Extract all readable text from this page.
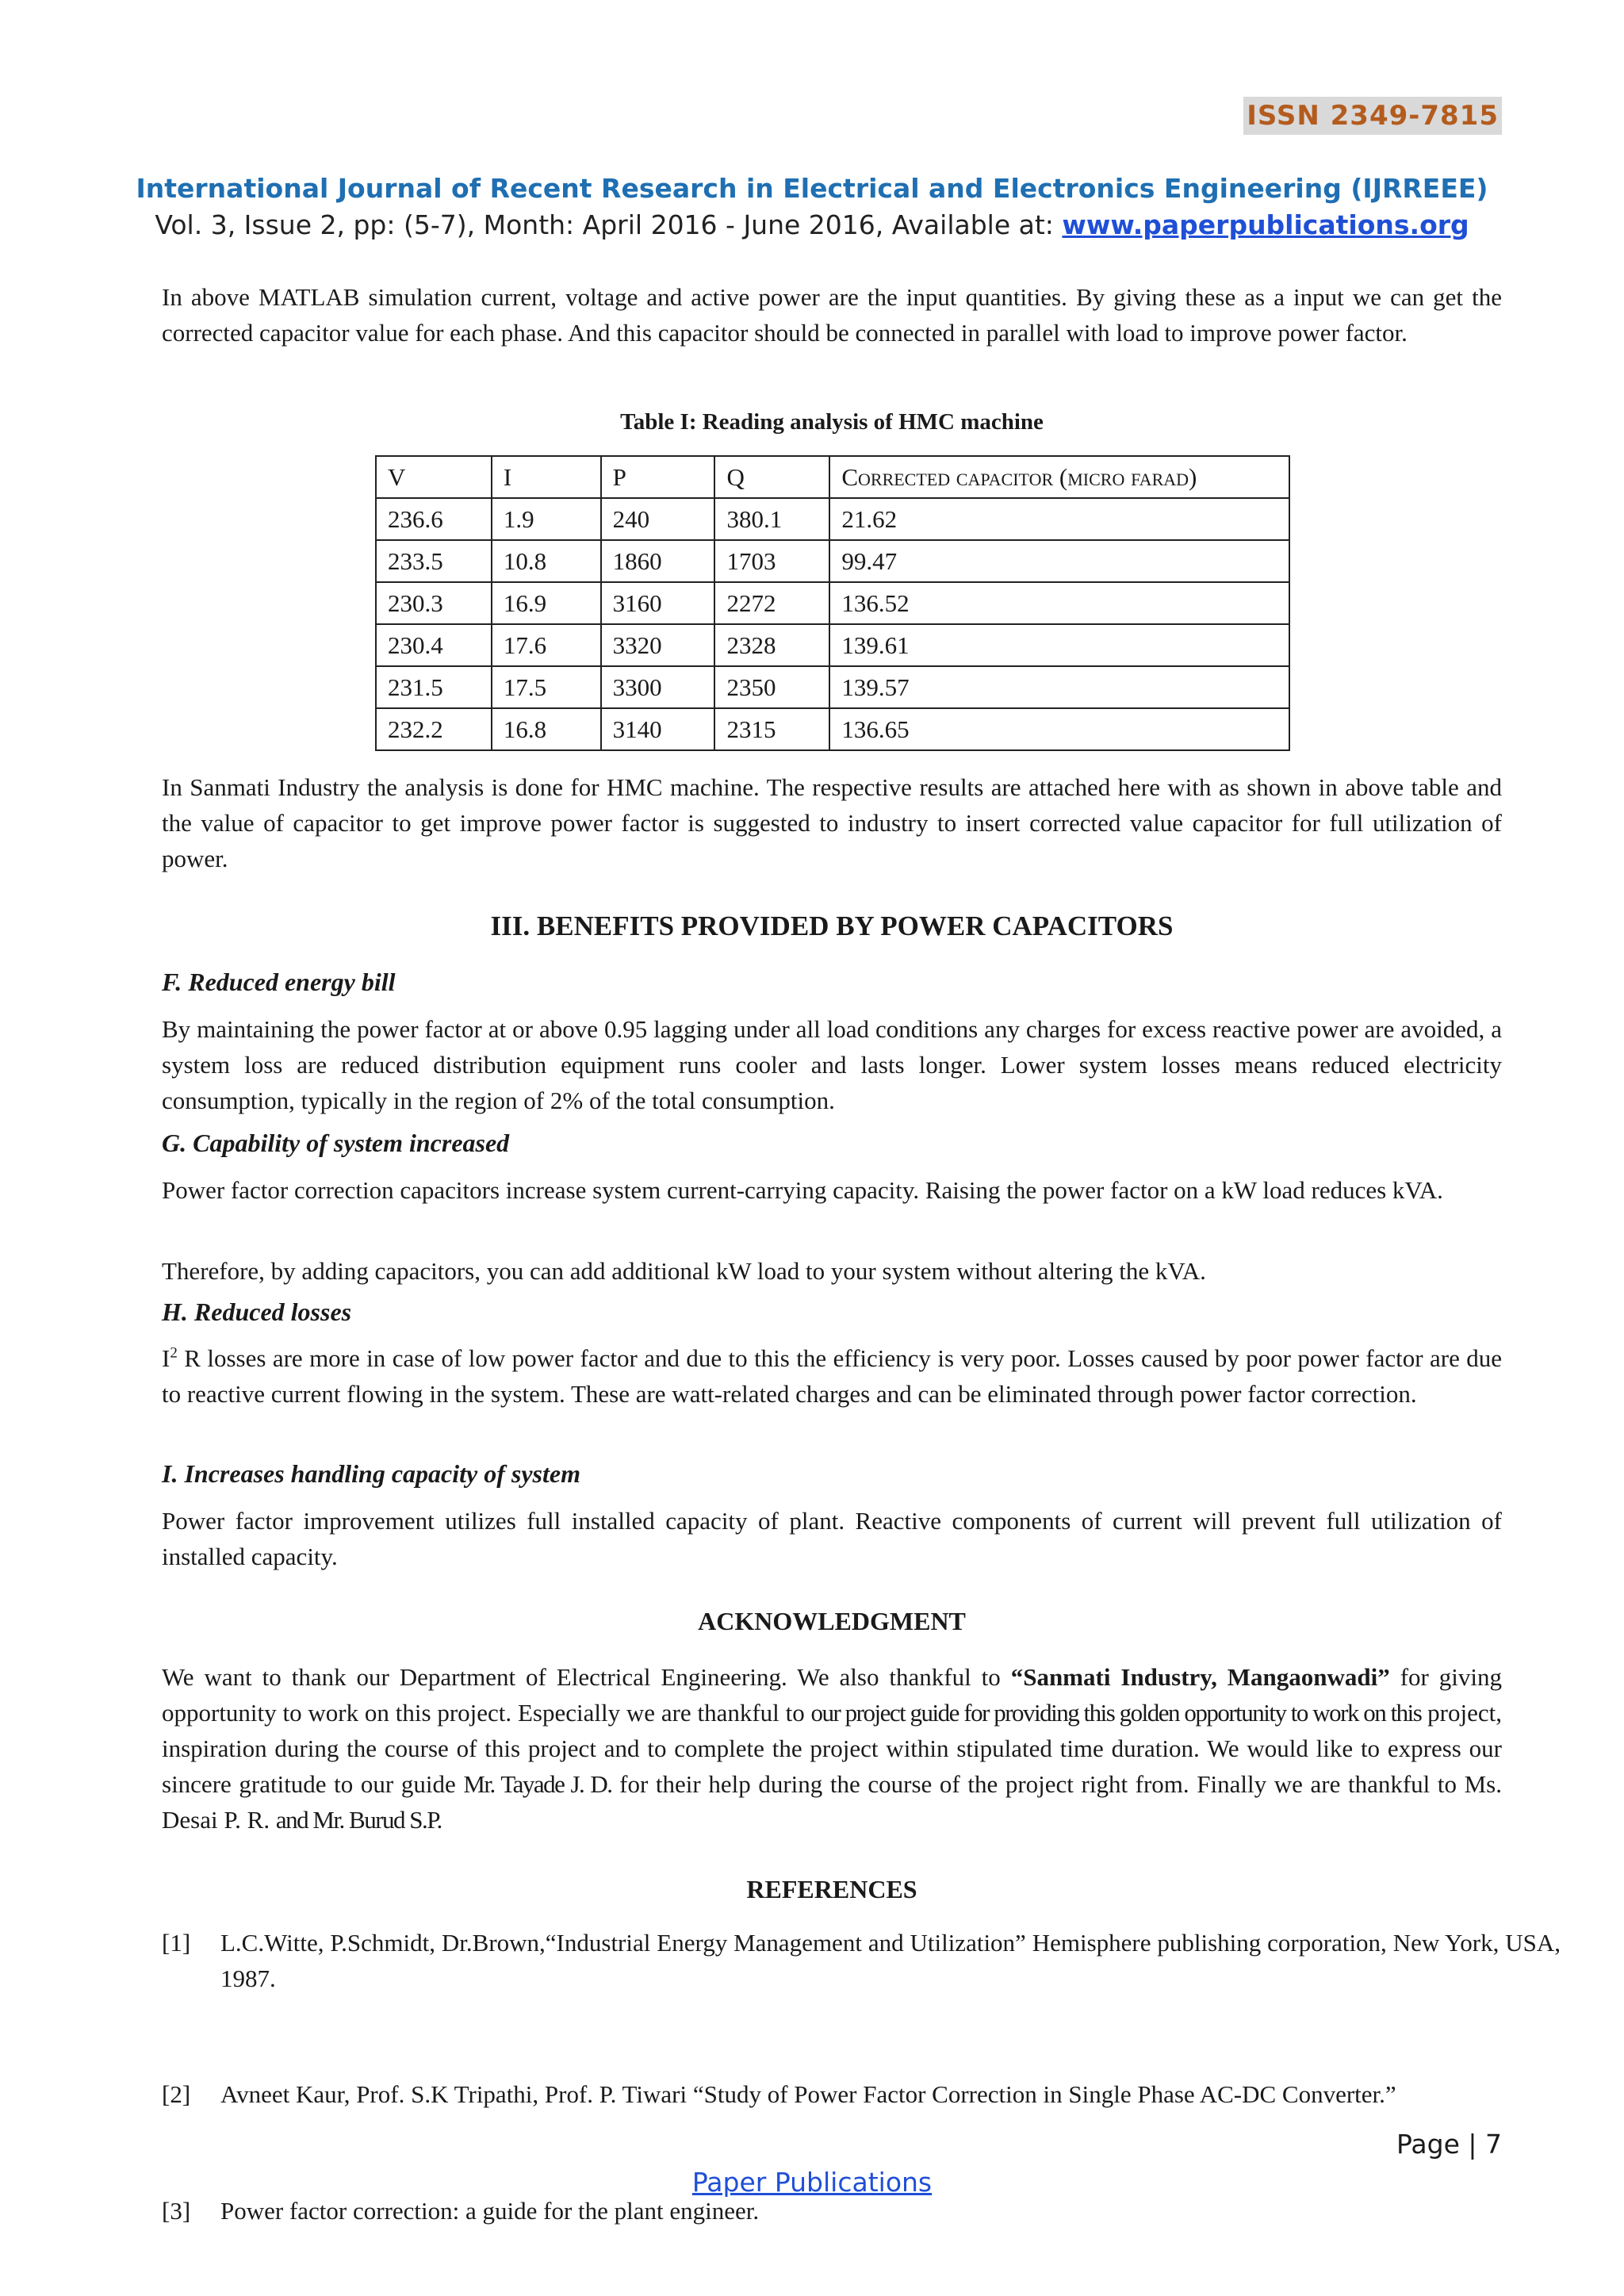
ISSN 2349-7815
International Journal of Recent Research in Electrical and Electronics Engineering (IJRREEE)
Vol. 3, Issue 2, pp: (5-7), Month: April 2016 - June 2016, Available at: www.paperpublications.org

In above MATLAB simulation current, voltage and active power are the input quantities. By giving these as a input we can get the corrected capacitor value for each phase. And this capacitor should be connected in parallel with load to improve power factor.

Table I: Reading analysis of HMC machine
V	I	P	Q	Corrected capacitor (micro farad)
236.6	1.9	240	380.1	21.62
233.5	10.8	1860	1703	99.47
230.3	16.9	3160	2272	136.52
230.4	17.6	3320	2328	139.61
231.5	17.5	3300	2350	139.57
232.2	16.8	3140	2315	136.65

In Sanmati Industry the analysis is done for HMC machine. The respective results are attached here with as shown in above table and the value of capacitor to get improve power factor is suggested to industry to insert corrected value capacitor for full utilization of power.

III. BENEFITS PROVIDED BY POWER CAPACITORS
F. Reduced energy bill

By maintaining the power factor at or above 0.95 lagging under all load conditions any charges for excess reactive power are avoided, a system loss are reduced distribution equipment runs cooler and lasts longer. Lower system losses means reduced electricity consumption, typically in the region of 2% of the total consumption.

G. Capability of system increased

Power factor correction capacitors increase system current-carrying capacity. Raising the power factor on a kW load reduces kVA.

Therefore, by adding capacitors, you can add additional kW load to your system without altering the kVA.

H. Reduced losses

$I^2$ R losses are more in case of low power factor and due to this the efficiency is very poor. Losses caused by poor power factor are due to reactive current flowing in the system. These are watt-related charges and can be eliminated through power factor correction.

I. Increases handling capacity of system

Power factor improvement utilizes full installed capacity of plant. Reactive components of current will prevent full utilization of installed capacity.

ACKNOWLEDGMENT

We want to thank our Department of Electrical Engineering. We also thankful to “Sanmati Industry, Mangaonwadi” for giving opportunity to work on this project. Especially we are thankful to our project guide for providing this golden opportunity to work on this project, inspiration during the course of this project and to complete the project within stipulated time duration. We would like to express our sincere gratitude to our guide Mr. Tayade J. D. for their help during the course of the project right from. Finally we are thankful to Ms. Desai P. R. and Mr. Burud S.P.

REFERENCES
[1] L.C.Witte, P.Schmidt, Dr.Brown,“Industrial Energy Management and Utilization” Hemisphere publishing corporation, New York, USA, 1987.
[2] Avneet Kaur, Prof. S.K Tripathi, Prof. P. Tiwari “Study of Power Factor Correction in Single Phase AC-DC Converter.”
[3] Power factor correction: a guide for the plant engineer.
Page | 7
Paper Publications
